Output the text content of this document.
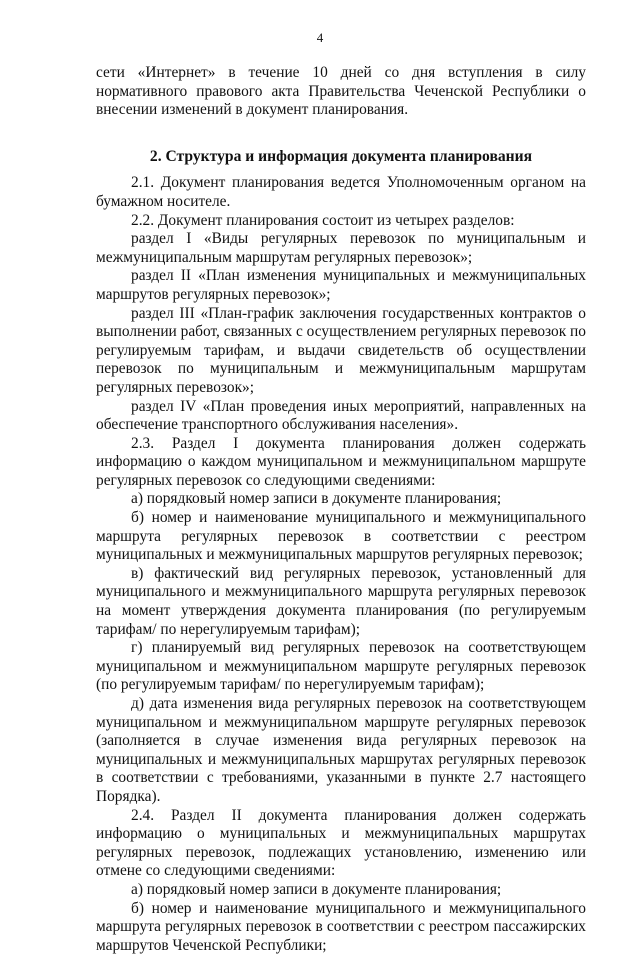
4

сети «Интернет» в течение 10 дней со дня вступления в силу нормативного правового акта Правительства Чеченской Республики о внесении изменений в документ планирования.

2. Структура и информация документа планирования

2.1. Документ планирования ведется Уполномоченным органом на бумажном носителе.

2.2. Документ планирования состоит из четырех разделов:

раздел I «Виды регулярных перевозок по муниципальным и межмуниципальным маршрутам регулярных перевозок»;

раздел II «План изменения муниципальных и межмуниципальных маршрутов регулярных перевозок»;

раздел III «План-график заключения государственных контрактов о выполнении работ, связанных с осуществлением регулярных перевозок по регулируемым тарифам, и выдачи свидетельств об осуществлении перевозок по муниципальным и межмуниципальным маршрутам регулярных перевозок»;

раздел IV «План проведения иных мероприятий, направленных на обеспечение транспортного обслуживания населения».

2.3. Раздел I документа планирования должен содержать информацию о каждом муниципальном и межмуниципальном маршруте регулярных перевозок со следующими сведениями:

а) порядковый номер записи в документе планирования;

б) номер и наименование муниципального и межмуниципального маршрута регулярных перевозок в соответствии с реестром муниципальных и межмуниципальных маршрутов регулярных перевозок;

в) фактический вид регулярных перевозок, установленный для муниципального и межмуниципального маршрута регулярных перевозок на момент утверждения документа планирования (по регулируемым тарифам/ по нерегулируемым тарифам);

г) планируемый вид регулярных перевозок на соответствующем муниципальном и межмуниципальном маршруте регулярных перевозок (по регулируемым тарифам/ по нерегулируемым тарифам);

д) дата изменения вида регулярных перевозок на соответствующем муниципальном и межмуниципальном маршруте регулярных перевозок (заполняется в случае изменения вида регулярных перевозок на муниципальных и межмуниципальных маршрутах регулярных перевозок в соответствии с требованиями, указанными в пункте 2.7 настоящего Порядка).

2.4. Раздел II документа планирования должен содержать информацию о муниципальных и межмуниципальных маршрутах регулярных перевозок, подлежащих установлению, изменению или отмене со следующими сведениями:

а) порядковый номер записи в документе планирования;

б) номер и наименование муниципального и межмуниципального маршрута регулярных перевозок в соответствии с реестром пассажирских маршрутов Чеченской Республики;
